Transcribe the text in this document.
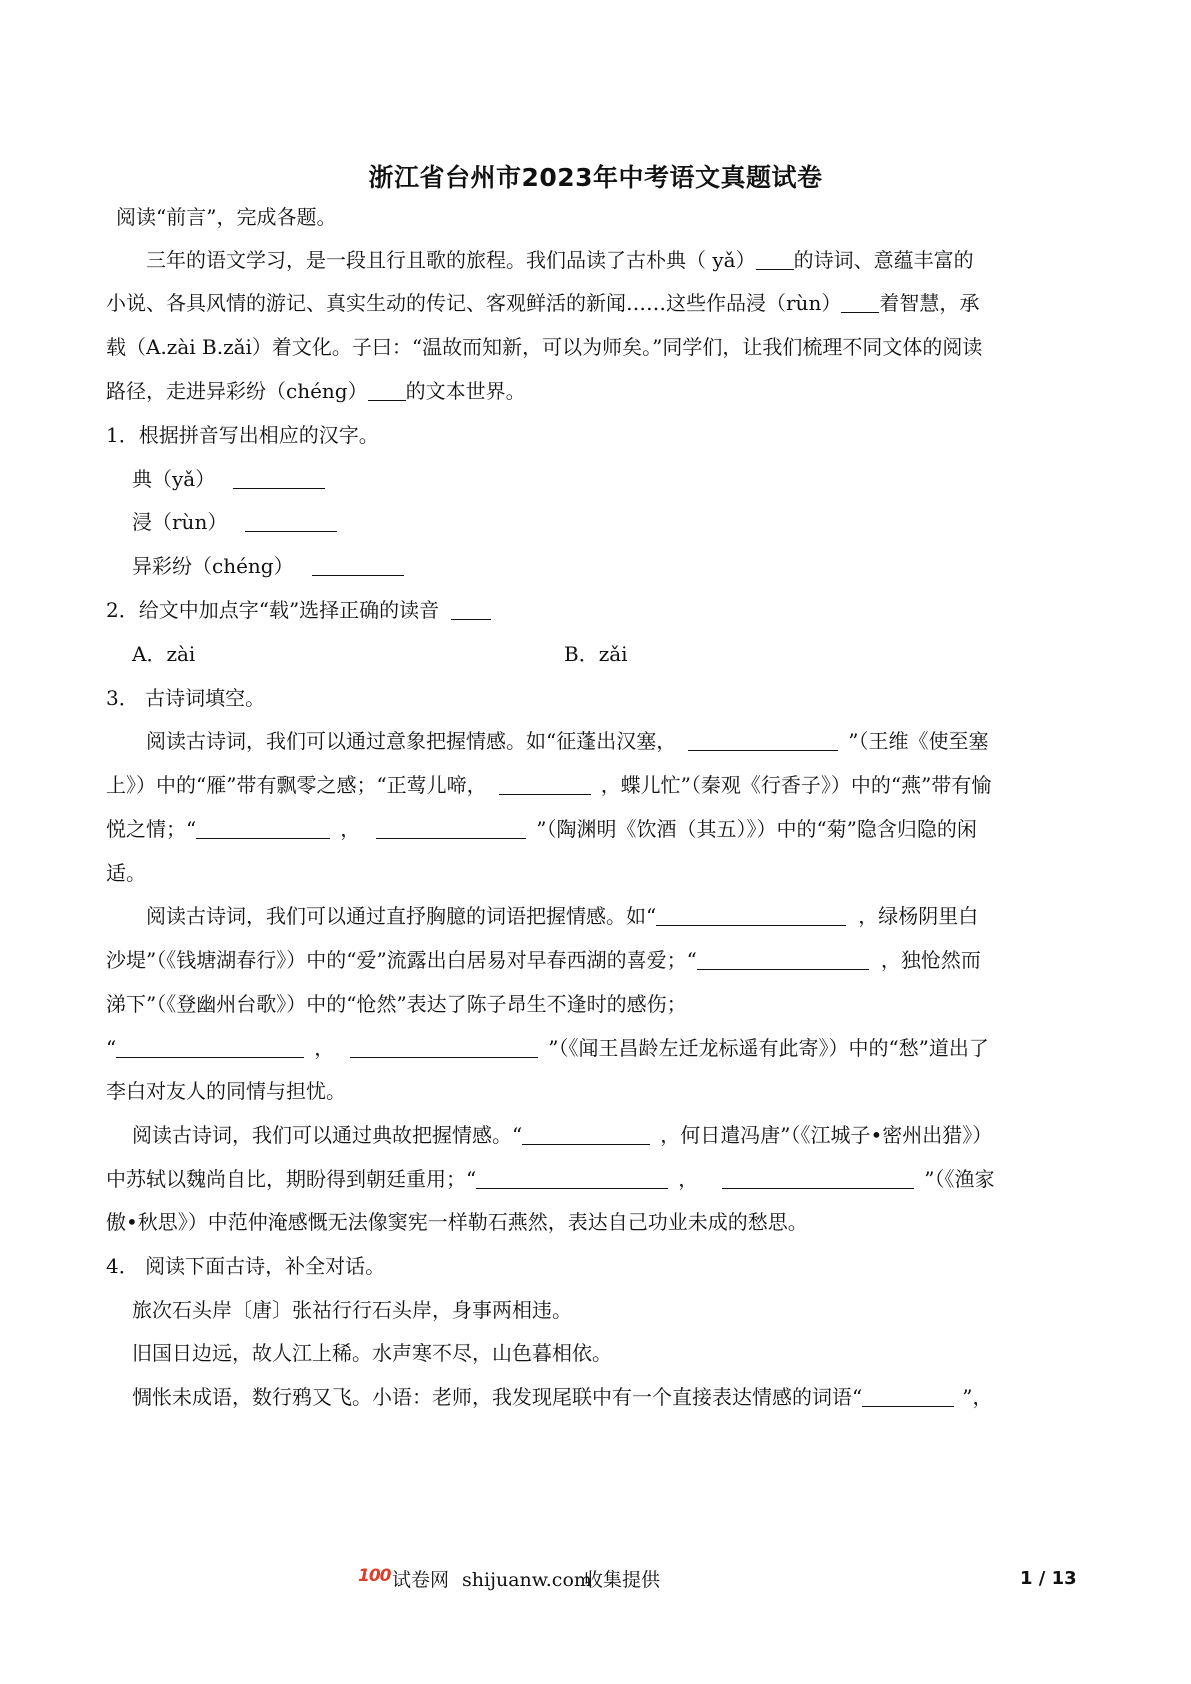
浙江省台州市2023年中考语文真题试卷
阅读“前言”，完成各题。
三年的语文学习，是一段且行且歌的旅程。我们品读了古朴典（ yǎ） 的诗词、意蕴丰富的
小说、各具风情的游记、真实生动的传记、客观鲜活的新闻……这些作品浸（rùn） 着智慧，承
载（A.zài B.zǎi）着文化。子曰：“温故而知新，可以为师矣。”同学们，让我们梳理不同文体的阅读
路径，走进异彩纷（chéng） 的文本世界。
1．根据拼音写出相应的汉字。
典（yǎ）
浸（rùn）
异彩纷（chéng）
2．给文中加点字“载”选择正确的读音
A．zài	B．zǎi
3． 古诗词填空。
阅读古诗词，我们可以通过意象把握情感。如“征蓬出汉塞，	”（王维《使至塞
上》）中的“雁”带有飘零之感；“正莺儿啼，	，蝶儿忙”（秦观《行香子》）中的“燕”带有愉
悦之情；“	，	”（陶渊明《饮酒（其五）》）中的“菊”隐含归隐的闲
适。
阅读古诗词，我们可以通过直抒胸臆的词语把握情感。如“	，绿杨阴里白
沙堤”（《钱塘湖春行》）中的“爱”流露出白居易对早春西湖的喜爱；“	，独怆然而
涕下”（《登幽州台歌》）中的“怆然”表达了陈子昂生不逢时的感伤；
“	，	”（《闻王昌龄左迁龙标遥有此寄》）中的“愁”道出了
李白对友人的同情与担忧。
阅读古诗词，我们可以通过典故把握情感。“	，何日遣冯唐”（《江城子•密州出猎》）
中苏轼以魏尚自比，期盼得到朝廷重用；“	，	”（《渔家
傲•秋思》）中范仲淹感慨无法像窦宪一样勒石燕然，表达自己功业未成的愁思。
4． 阅读下面古诗，补全对话。
旅次石头岸〔唐〕张祜行行石头岸，身事两相违。
旧国日边远，故人江上稀。水声寒不尽，山色暮相依。
惆怅未成语，数行鸦又飞。小语：老师，我发现尾联中有一个直接表达情感的词语“	”，
100 试卷网 shijuanw.com
收集提供	1 / 13
